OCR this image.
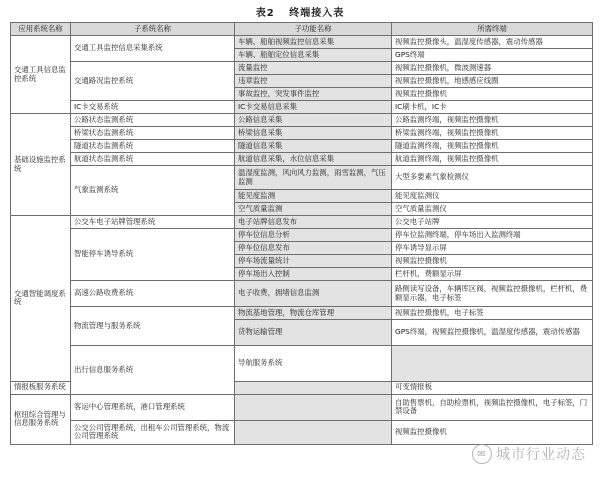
表2 终端接入表
应用系统名称	子系统名称	子功能名称	所需终端	
交通工具信息监控系统	交通工具监控信息采集系统	车辆、船舶视频监控信息采集	视频监控摄像头，温湿度传感器，震动传感器	
		车辆、船舶定位信息采集	GPS终端	
	交通路况监控系统	流量监控	视频监控摄像机，微波测速器	
		违章监控	视频监控摄像机，地感感应线圈	
		事故监控，突发事件监控	视频监控摄像机	
	IC卡交易系统	IC卡交易信息采集	IC刷卡机，IC卡	
基础设施监控系统	公路状态监测系统	公路信息采集	公路监测终端，视频监控摄像机	
	桥梁状态监测系统	桥梁信息采集	桥梁监测终端，视频监控摄像机	
	隧道状态监测系统	隧道信息采集	隧道监测终端，视频监控摄像机	
	航道状态监测系统	航道信息采集，水位信息采集	航道监测终端，视频监控摄像机	
	气象监测系统	温湿度监测，风向风力监测，雨雪监测，气压监测	大型多要素气象检测仪	
		能见度监测	能见度监测仪	
		空气质量监测	空气质量监测仪	
交通智能调度系统	公交车电子站牌管理系统	电子站牌信息发布	公交电子站牌	
	智能停车诱导系统	停车位信息分析	停车位监测终端，停车场出入监测终端	
		停车位信息发布	停车诱导显示屏	
		停车场流量统计	视频监控摄像机	
		停车场出入控制	栏杆机，费额显示屏	
	高速公路收费系统	电子收费，拥堵信息监测	路侧读写设备，车辆库区阀，视频监控摄像机，栏杆机，费额显示器，电子标签	
	物流管理与服务系统	物流基地管理，物流仓库管理	视频监控摄像机，电子标签	
		货物运输管理	GPS终端，视频监控摄像机，温湿度传感器，震动传感器	
	出行信息服务系统	导航服务系统		
情报板服务系统			可变情报板	
枢纽综合管理与信息服务系统	客运中心管理系统，港口管理系统		自助售票机，自助检票机，视频监控摄像机，电子标签，门禁设备	
	公交公司管理系统，出租车公司管理系统，物流公司管理系统		视频监控摄像机	
✉ 城市行业动态
